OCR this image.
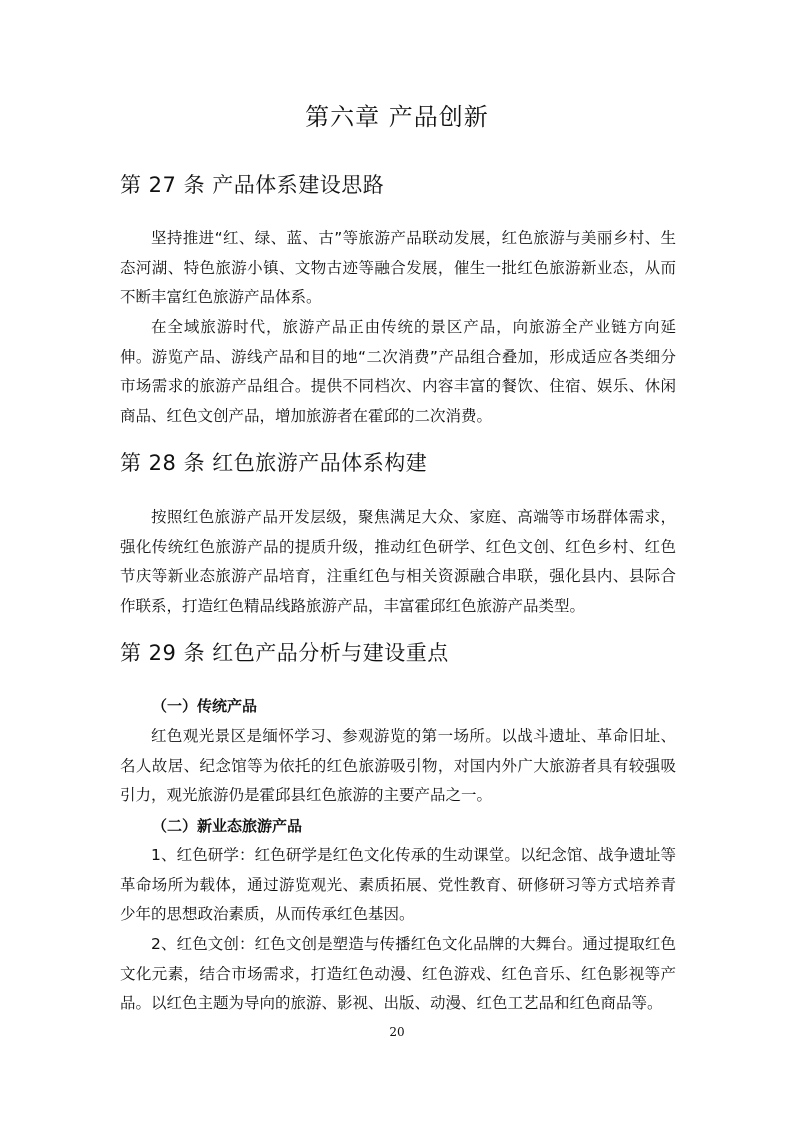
第六章 产品创新
第 27 条 产品体系建设思路

坚持推进“红、绿、蓝、古”等旅游产品联动发展，红色旅游与美丽乡村、生态河湖、特色旅游小镇、文物古迹等融合发展，催生一批红色旅游新业态，从而不断丰富红色旅游产品体系。

在全域旅游时代，旅游产品正由传统的景区产品，向旅游全产业链方向延伸。游览产品、游线产品和目的地“二次消费”产品组合叠加，形成适应各类细分市场需求的旅游产品组合。提供不同档次、内容丰富的餐饮、住宿、娱乐、休闲商品、红色文创产品，增加旅游者在霍邱的二次消费。

第 28 条 红色旅游产品体系构建

按照红色旅游产品开发层级，聚焦满足大众、家庭、高端等市场群体需求，强化传统红色旅游产品的提质升级，推动红色研学、红色文创、红色乡村、红色节庆等新业态旅游产品培育，注重红色与相关资源融合串联，强化县内、县际合作联系，打造红色精品线路旅游产品，丰富霍邱红色旅游产品类型。

第 29 条 红色产品分析与建设重点
（一）传统产品

红色观光景区是缅怀学习、参观游览的第一场所。以战斗遗址、革命旧址、名人故居、纪念馆等为依托的红色旅游吸引物，对国内外广大旅游者具有较强吸引力，观光旅游仍是霍邱县红色旅游的主要产品之一。

（二）新业态旅游产品

1、红色研学：红色研学是红色文化传承的生动课堂。以纪念馆、战争遗址等革命场所为载体，通过游览观光、素质拓展、党性教育、研修研习等方式培养青少年的思想政治素质，从而传承红色基因。

2、红色文创：红色文创是塑造与传播红色文化品牌的大舞台。通过提取红色文化元素，结合市场需求，打造红色动漫、红色游戏、红色音乐、红色影视等产品。以红色主题为导向的旅游、影视、出版、动漫、红色工艺品和红色商品等。

20
